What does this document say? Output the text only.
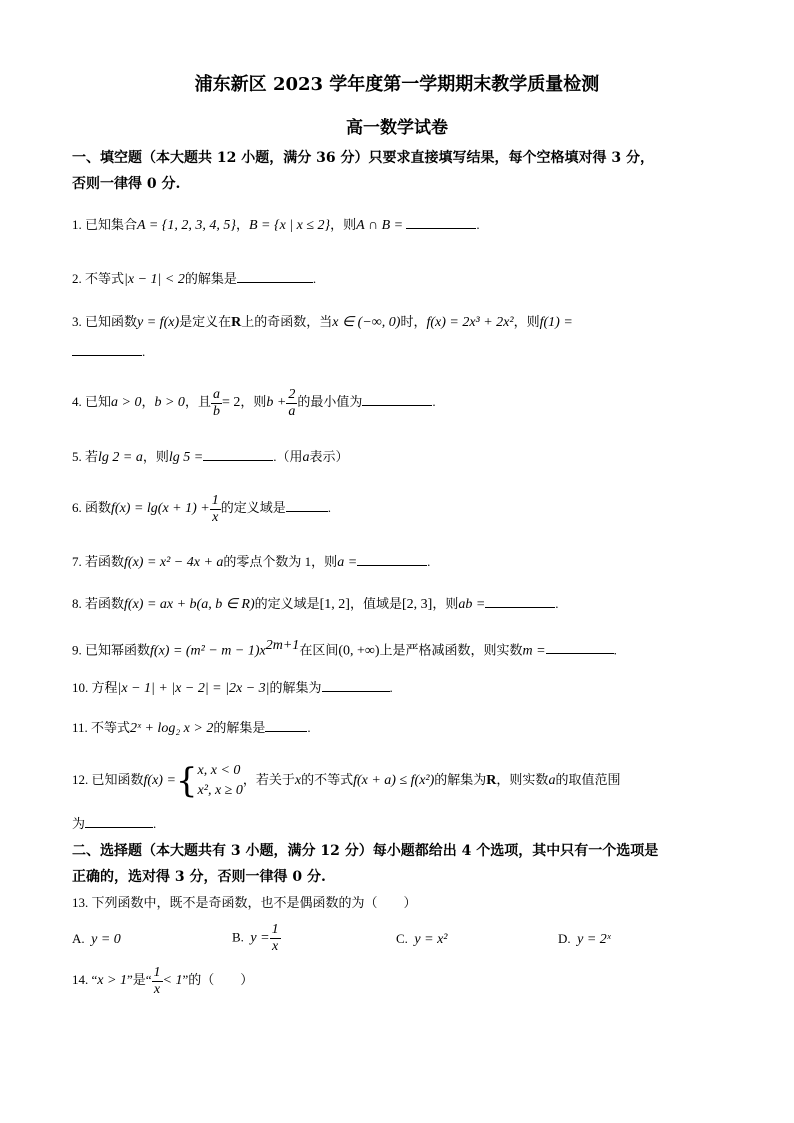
浦东新区 2023 学年度第一学期期末教学质量检测
高一数学试卷
一、填空题（本大题共 12 小题，满分 36 分）只要求直接填写结果，每个空格填对得 3 分，
否则一律得 0 分.
1. 已知集合A = {1, 2, 3, 4, 5}，B = {x | x ≤ 2}，则A ∩ B =	.
2. 不等式|x − 1| < 2的解集是	.
3. 已知函数y = f(x)是定义在R上的奇函数，当x ∈ (−∞, 0)时，f(x) = 2x³ + 2x²，则f(1) =
.
4. 已知a > 0，b > 0，且 $\frac{a}{b} = 2$，则$b + \frac{2}{a}$ 的最小值为	.
5. 若lg 2 = a，则lg 5 =	.（用a表示）
6. 函数$f(x) = \lg(x + 1) + \frac{1}{x}$ 的定义域是	.
7. 若函数f(x) = x² − 4x + a的零点个数为 1，则a =	.
8. 若函数f(x) = ax + b(a, b ∈ R)的定义域是[1, 2]，值域是[2, 3]，则ab =	.
9. 已知幂函数$f(x) = (m^2 - m - 1)x^{2m+1}$在区间(0, +∞)上是严格减函数，则实数m =	.
10. 方程|x − 1| + |x − 2| = |2x − 3|的解集为	.
11. 不等式2ˣ + log₂ x > 2的解集是	.
12. 已知函数f(x) ={ x, x < 0
x², x ≥ 0
，若关于x的不等式f(x + a) ≤ f(x²)的解集为R，则实数a的取值范围
为	.
二、选择题（本大题共有 3 小题，满分 12 分）每小题都给出 4 个选项，其中只有一个选项是
正确的，选对得 3 分，否则一律得 0 分.
13. 下列函数中，既不是奇函数，也不是偶函数的为（　　）
A. y = 0	B. $y = \frac{1}{x}$	C. y = x²	D. y = 2ˣ
14. “x > 1”是“ $\frac{1}{x} < 1$”的（　　）
